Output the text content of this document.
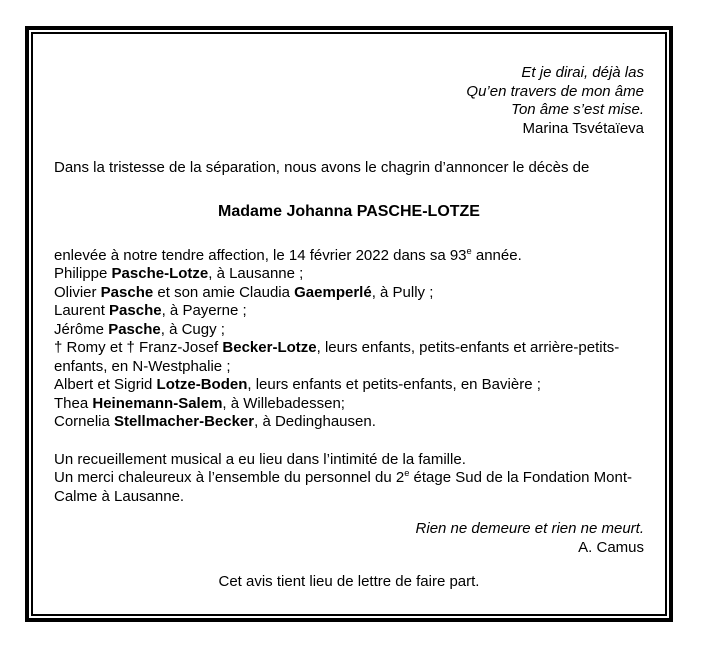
Et je dirai, déjà las
Qu’en travers de mon âme
Ton âme s’est mise.
Marina Tsvétaïeva

Dans la tristesse de la séparation, nous avons le chagrin d’annoncer le décès de

Madame Johanna PASCHE-LOTZE

enlevée à notre tendre affection, le 14 février 2022 dans sa 93e année.

Philippe Pasche-Lotze, à Lausanne ;

Olivier Pasche et son amie Claudia Gaemperlé, à Pully ;

Laurent Pasche, à Payerne ;

Jérôme Pasche, à Cugy ;

† Romy et † Franz-Josef Becker-Lotze, leurs enfants, petits-enfants et arrière-petits-enfants, en N-Westphalie ;

Albert et Sigrid Lotze-Boden, leurs enfants et petits-enfants, en Bavière ;

Thea Heinemann-Salem, à Willebadessen;

Cornelia Stellmacher-Becker, à Dedinghausen.

Un recueillement musical a eu lieu dans l’intimité de la famille.

Un merci chaleureux à l’ensemble du personnel du 2e étage Sud de la Fondation Mont-Calme à Lausanne.

Rien ne demeure et rien ne meurt.
A. Camus

Cet avis tient lieu de lettre de faire part.
